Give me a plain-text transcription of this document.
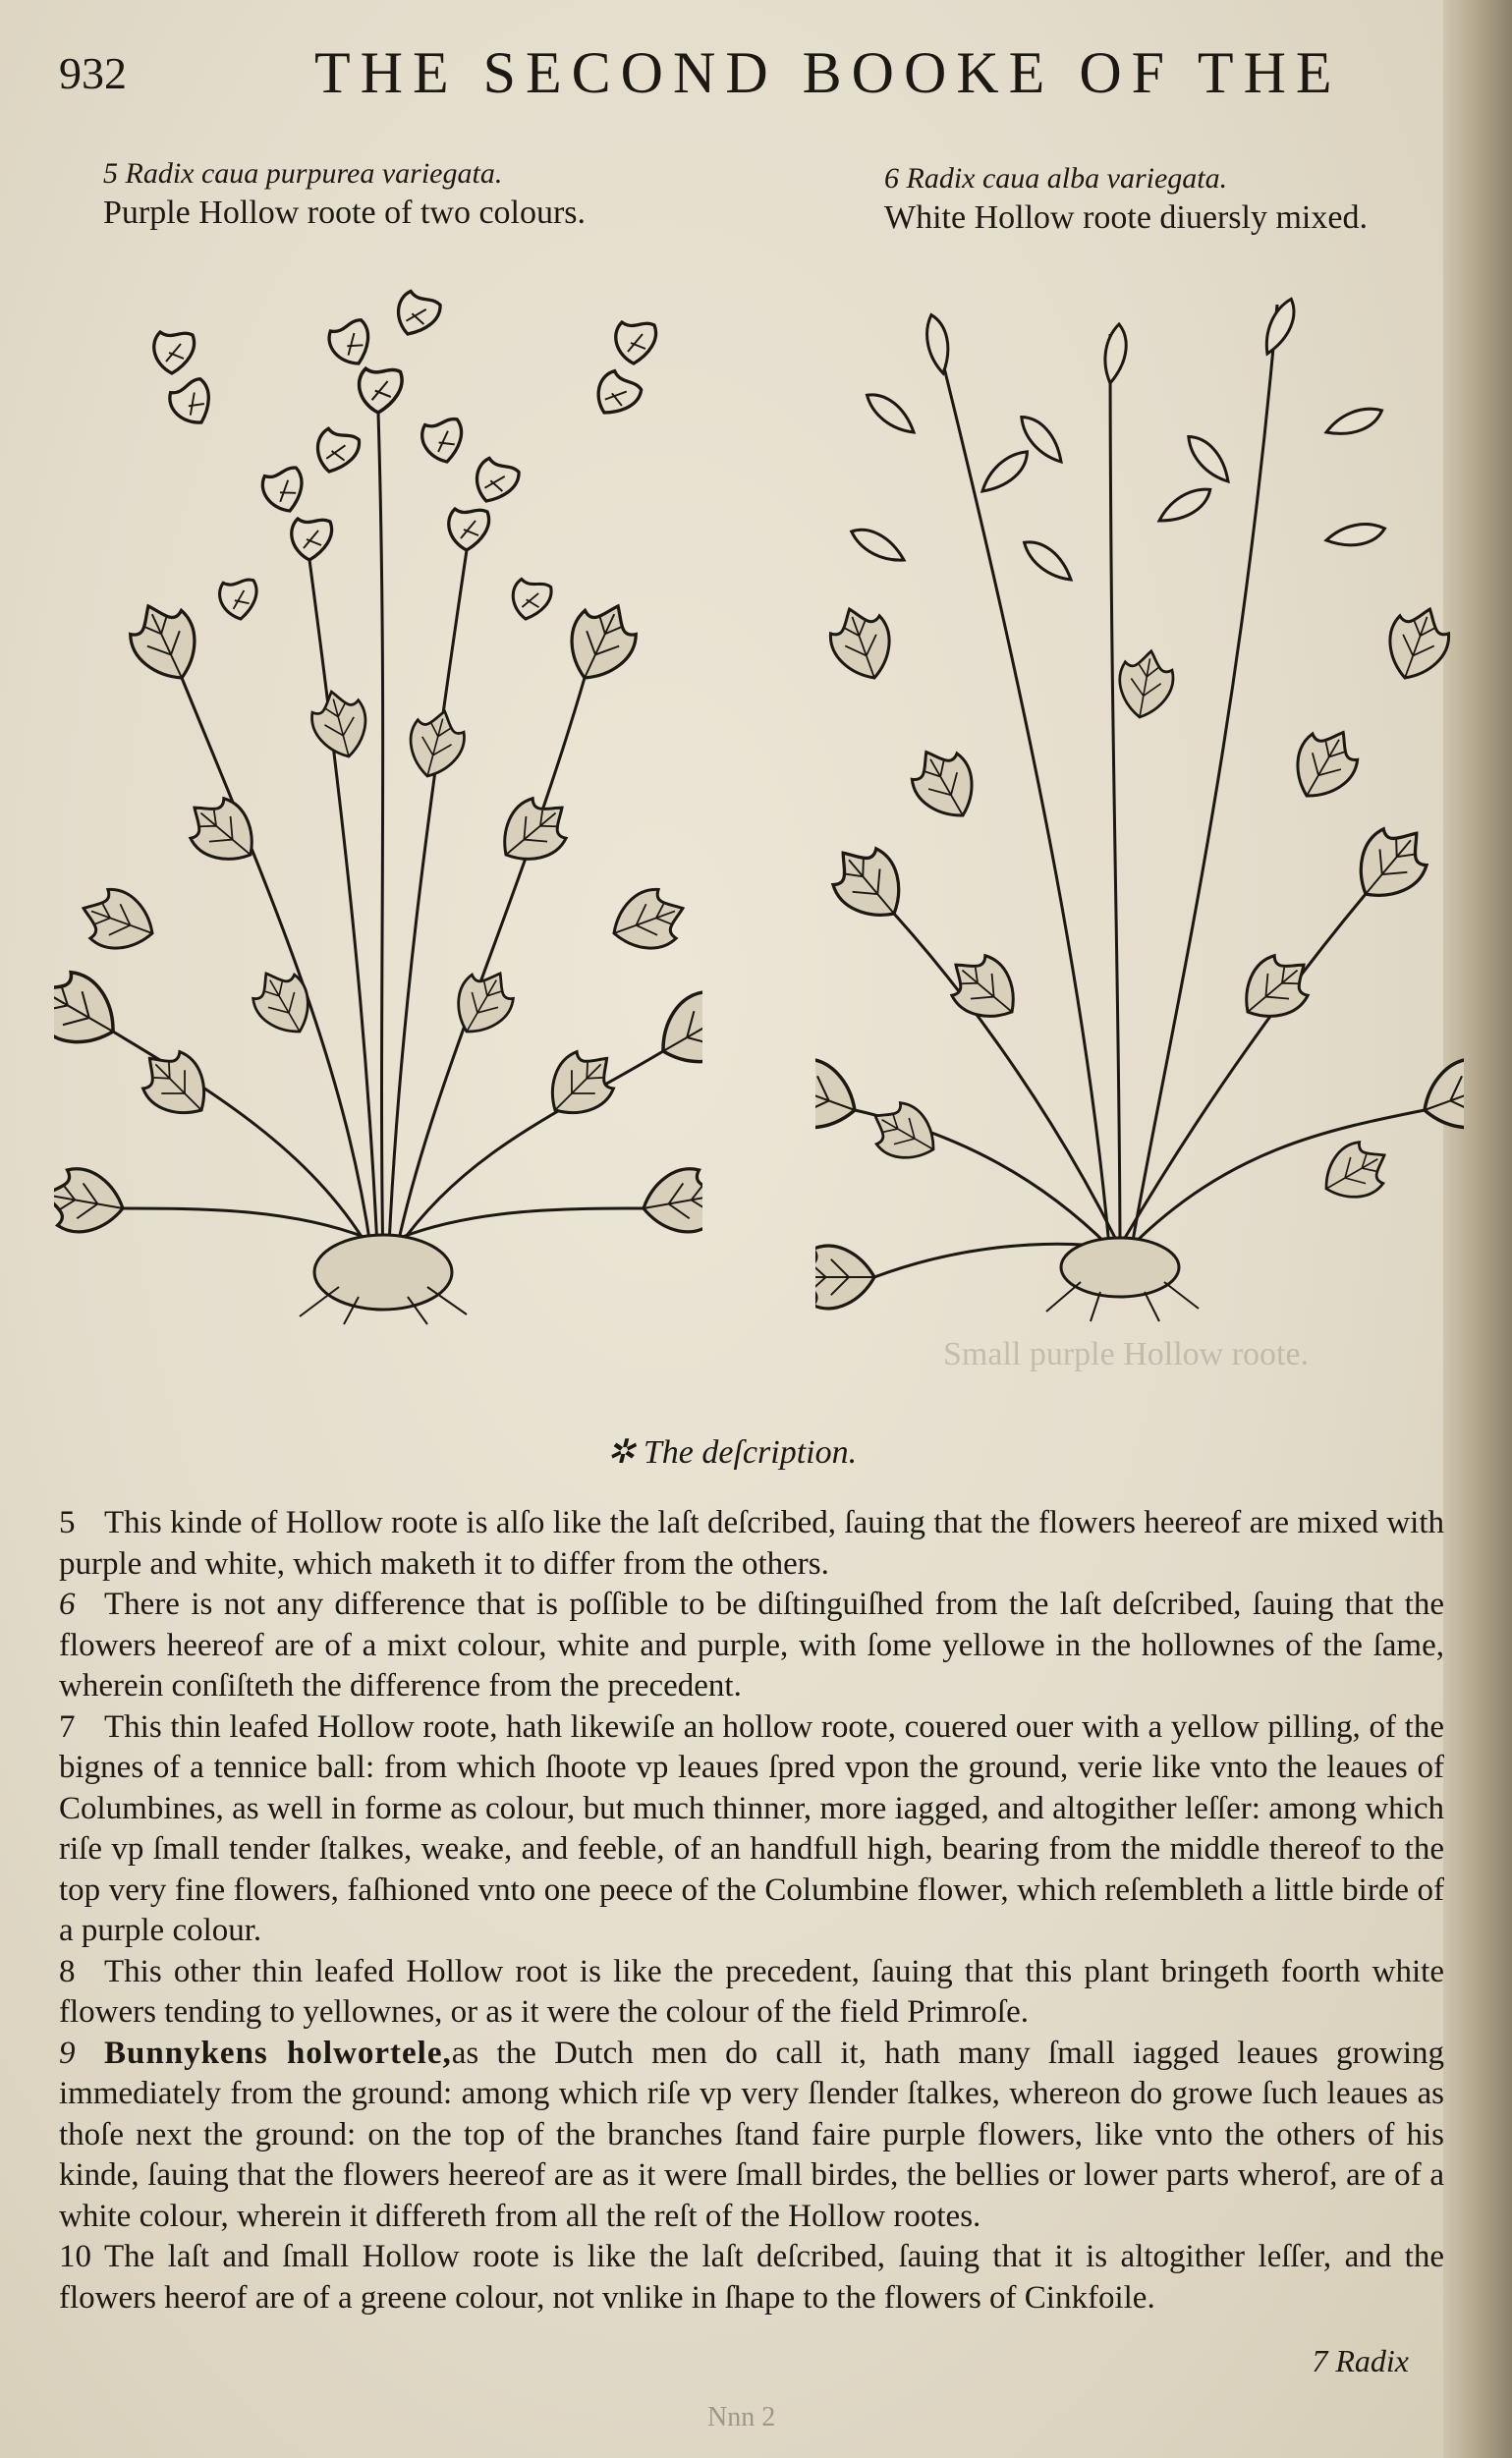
932	THE SECOND BOOKE OF THE
5 Radix caua purpurea variegata.
Purple Hollow roote of two colours.
6 Radix caua alba variegata.
White Hollow roote diuersly mixed.
Small purple Hollow roote.
✲ The deſcription.

5 This kinde of Hollow roote is alſo like the laſt deſcribed, ſauing that the flowers heereof are mixed with purple and white, which maketh it to differ from the others.

6 There is not any difference that is poſſible to be diſtinguiſhed from the laſt deſcribed, ſauing that the flowers heereof are of a mixt colour, white and purple, with ſome yellowe in the hollownes of the ſame, wherein conſiſteth the difference from the precedent.

7 This thin leafed Hollow roote, hath likewiſe an hollow roote, couered ouer with a yellow pilling, of the bignes of a tennice ball: from which ſhoote vp leaues ſpred vpon the ground, verie like vnto the leaues of Columbines, as well in forme as colour, but much thinner, more iagged, and altogither leſſer: among which riſe vp ſmall tender ſtalkes, weake, and feeble, of an handfull high, bearing from the middle thereof to the top very fine flowers, faſhioned vnto one peece of the Columbine flower, which reſembleth a little birde of a purple colour.

8 This other thin leafed Hollow root is like the precedent, ſauing that this plant bringeth foorth white flowers tending to yellownes, or as it were the colour of the field Primroſe.

9 Bunnykens holwortele,as the Dutch men do call it, hath many ſmall iagged leaues growing immediately from the ground: among which riſe vp very ſlender ſtalkes, whereon do growe ſuch leaues as thoſe next the ground: on the top of the branches ſtand faire purple flowers, like vnto the others of his kinde, ſauing that the flowers heereof are as it were ſmall birdes, the bellies or lower parts wherof, are of a white colour, wherein it differeth from all the reſt of the Hollow rootes.

10 The laſt and ſmall Hollow roote is like the laſt deſcribed, ſauing that it is altogither leſſer, and the flowers heerof are of a greene colour, not vnlike in ſhape to the flowers of Cinkfoile.

7 Radix
Nnn 2
